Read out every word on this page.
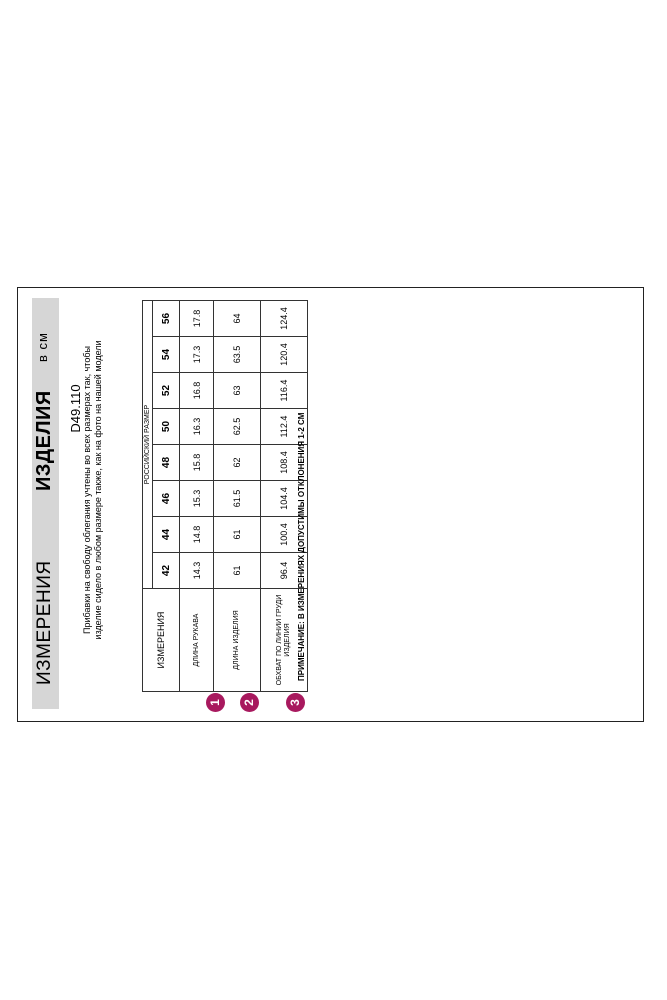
ИЗМЕРЕНИЯ
ИЗДЕЛИЯ
в см
D49.110 Прибавки на свободу облегания учтены во всех размерах так, чтобы изделие сидело в любом размере также, как на фото на нашей модели
ИЗМЕРЕНИЯ	РОССИЙСКИЙ РАЗМЕР							
	42	44	46	48	50	52	54	56
ДЛИНА РУКАВА	14.3	14.8	15.3	15.8	16.3	16.8	17.3	17.8
ДЛИНА ИЗДЕЛИЯ	61	61	61.5	62	62.5	63	63.5	64
ОБХВАТ ПО ЛИНИИ ГРУДИ ИЗДЕЛИЯ	96.4	100.4	104.4	108.4	112.4	116.4	120.4	124.4
1 2	3
ПРИМЕЧАНИЕ: В ИЗМЕРЕНИЯХ ДОПУСТИМЫ ОТКЛОНЕНИЯ 1-2 СМ
